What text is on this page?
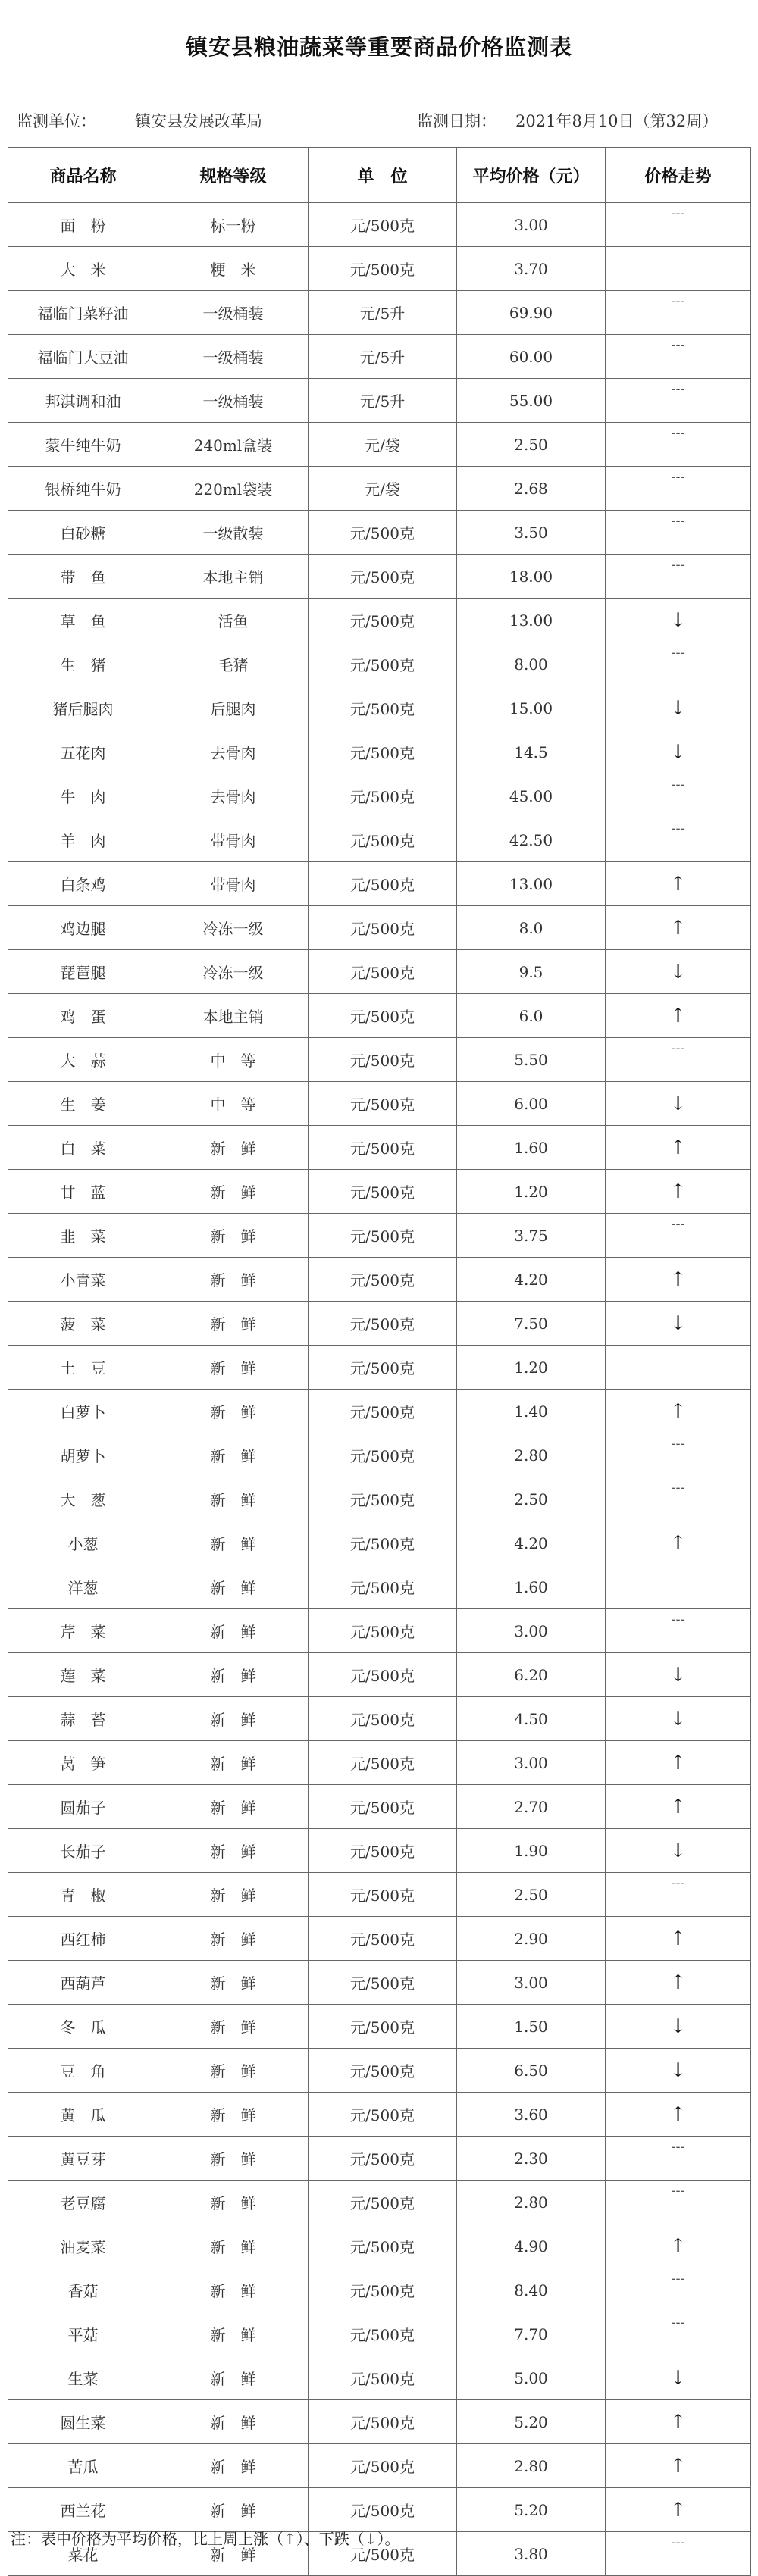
镇安县粮油蔬菜等重要商品价格监测表
监测单位： 镇安县发展改革局	监测日期： 2021年8月10日（第32周）
商品名称	规格等级	单　位	平均价格（元）	价格走势
面　粉	标一粉	元/500克	3.00	---

大　米	粳　米	元/500克	3.70	
福临门菜籽油	一级桶装	元/5升	69.90	---

福临门大豆油	一级桶装	元/5升	60.00	---

邦淇调和油	一级桶装	元/5升	55.00	---

蒙牛纯牛奶	240ml盒装	元/袋	2.50	---

银桥纯牛奶	220ml袋装	元/袋	2.68	---

白砂糖	一级散装	元/500克	3.50	---

带　鱼	本地主销	元/500克	18.00	---

草　鱼	活鱼	元/500克	13.00	↓
生　猪	毛猪	元/500克	8.00	---

猪后腿肉	后腿肉	元/500克	15.00	↓
五花肉	去骨肉	元/500克	14.5	↓
牛　肉	去骨肉	元/500克	45.00	---

羊　肉	带骨肉	元/500克	42.50	---

白条鸡	带骨肉	元/500克	13.00	↑
鸡边腿	冷冻一级	元/500克	8.0	↑
琵琶腿	冷冻一级	元/500克	9.5	↓
鸡　蛋	本地主销	元/500克	6.0	↑
大　蒜	中　等	元/500克	5.50	---

生　姜	中　等	元/500克	6.00	↓
白　菜	新　鲜	元/500克	1.60	↑
甘　蓝	新　鲜	元/500克	1.20	↑
韭　菜	新　鲜	元/500克	3.75	---

小青菜	新　鲜	元/500克	4.20	↑
菠　菜	新　鲜	元/500克	7.50	↓
土　豆	新　鲜	元/500克	1.20	
白萝卜	新　鲜	元/500克	1.40	↑
胡萝卜	新　鲜	元/500克	2.80	---

大　葱	新　鲜	元/500克	2.50	---

小葱	新　鲜	元/500克	4.20	↑
洋葱	新　鲜	元/500克	1.60	
芹　菜	新　鲜	元/500克	3.00	---

莲　菜	新　鲜	元/500克	6.20	↓
蒜　苔	新　鲜	元/500克	4.50	↓
莴　笋	新　鲜	元/500克	3.00	↑
圆茄子	新　鲜	元/500克	2.70	↑
长茄子	新　鲜	元/500克	1.90	↓
青　椒	新　鲜	元/500克	2.50	---

西红柿	新　鲜	元/500克	2.90	↑
西葫芦	新　鲜	元/500克	3.00	↑
冬　瓜	新　鲜	元/500克	1.50	↓
豆　角	新　鲜	元/500克	6.50	↓
黄　瓜	新　鲜	元/500克	3.60	↑
黄豆芽	新　鲜	元/500克	2.30	---

老豆腐	新　鲜	元/500克	2.80	---

油麦菜	新　鲜	元/500克	4.90	↑
香菇	新　鲜	元/500克	8.40	---

平菇	新　鲜	元/500克	7.70	---

生菜	新　鲜	元/500克	5.00	↓
圆生菜	新　鲜	元/500克	5.20	↑
苦瓜	新　鲜	元/500克	2.80	↑
西兰花	新　鲜	元/500克	5.20	↑
菜花	新　鲜	元/500克	3.80	---
注：表中价格为平均价格，比上周上涨（↑）、下跌（↓）。
